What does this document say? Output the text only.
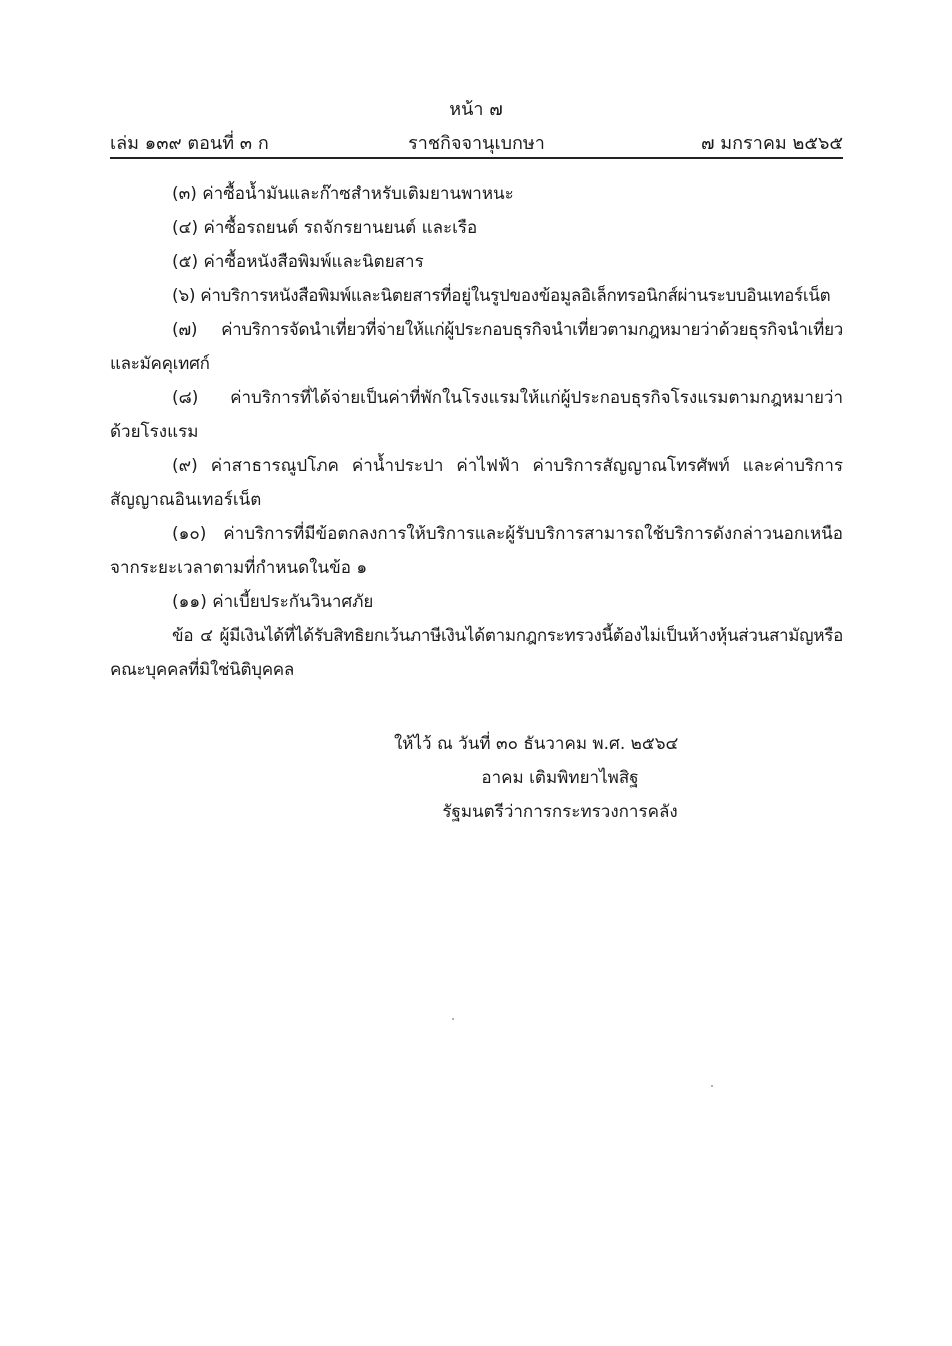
หน้า ๗
เล่ม ๑๓๙ ตอนที่ ๓ ก	ราชกิจจานุเบกษา	๗ มกราคม ๒๕๖๕

(๓) ค่าซื้อน้ำมันและก๊าซสำหรับเติมยานพาหนะ

(๔) ค่าซื้อรถยนต์ รถจักรยานยนต์ และเรือ

(๕) ค่าซื้อหนังสือพิมพ์และนิตยสาร

(๖) ค่าบริการหนังสือพิมพ์และนิตยสารที่อยู่ในรูปของข้อมูลอิเล็กทรอนิกส์ผ่านระบบอินเทอร์เน็ต

(๗) ค่าบริการจัดนำเที่ยวที่จ่ายให้แก่ผู้ประกอบธุรกิจนำเที่ยวตามกฎหมายว่าด้วยธุรกิจนำเที่ยวและมัคคุเทศก์

(๘) ค่าบริการที่ได้จ่ายเป็นค่าที่พักในโรงแรมให้แก่ผู้ประกอบธุรกิจโรงแรมตามกฎหมายว่าด้วยโรงแรม

(๙) ค่าสาธารณูปโภค ค่าน้ำประปา ค่าไฟฟ้า ค่าบริการสัญญาณโทรศัพท์ และค่าบริการสัญญาณอินเทอร์เน็ต

(๑๐) ค่าบริการที่มีข้อตกลงการให้บริการและผู้รับบริการสามารถใช้บริการดังกล่าวนอกเหนือจากระยะเวลาตามที่กำหนดในข้อ ๑

(๑๑) ค่าเบี้ยประกันวินาศภัย

ข้อ ๔ ผู้มีเงินได้ที่ได้รับสิทธิยกเว้นภาษีเงินได้ตามกฎกระทรวงนี้ต้องไม่เป็นห้างหุ้นส่วนสามัญหรือคณะบุคคลที่มิใช่นิติบุคคล

ให้ไว้ ณ วันที่ ๓๐ ธันวาคม พ.ศ. ๒๕๖๔
อาคม เติมพิทยาไพสิฐ
รัฐมนตรีว่าการกระทรวงการคลัง
